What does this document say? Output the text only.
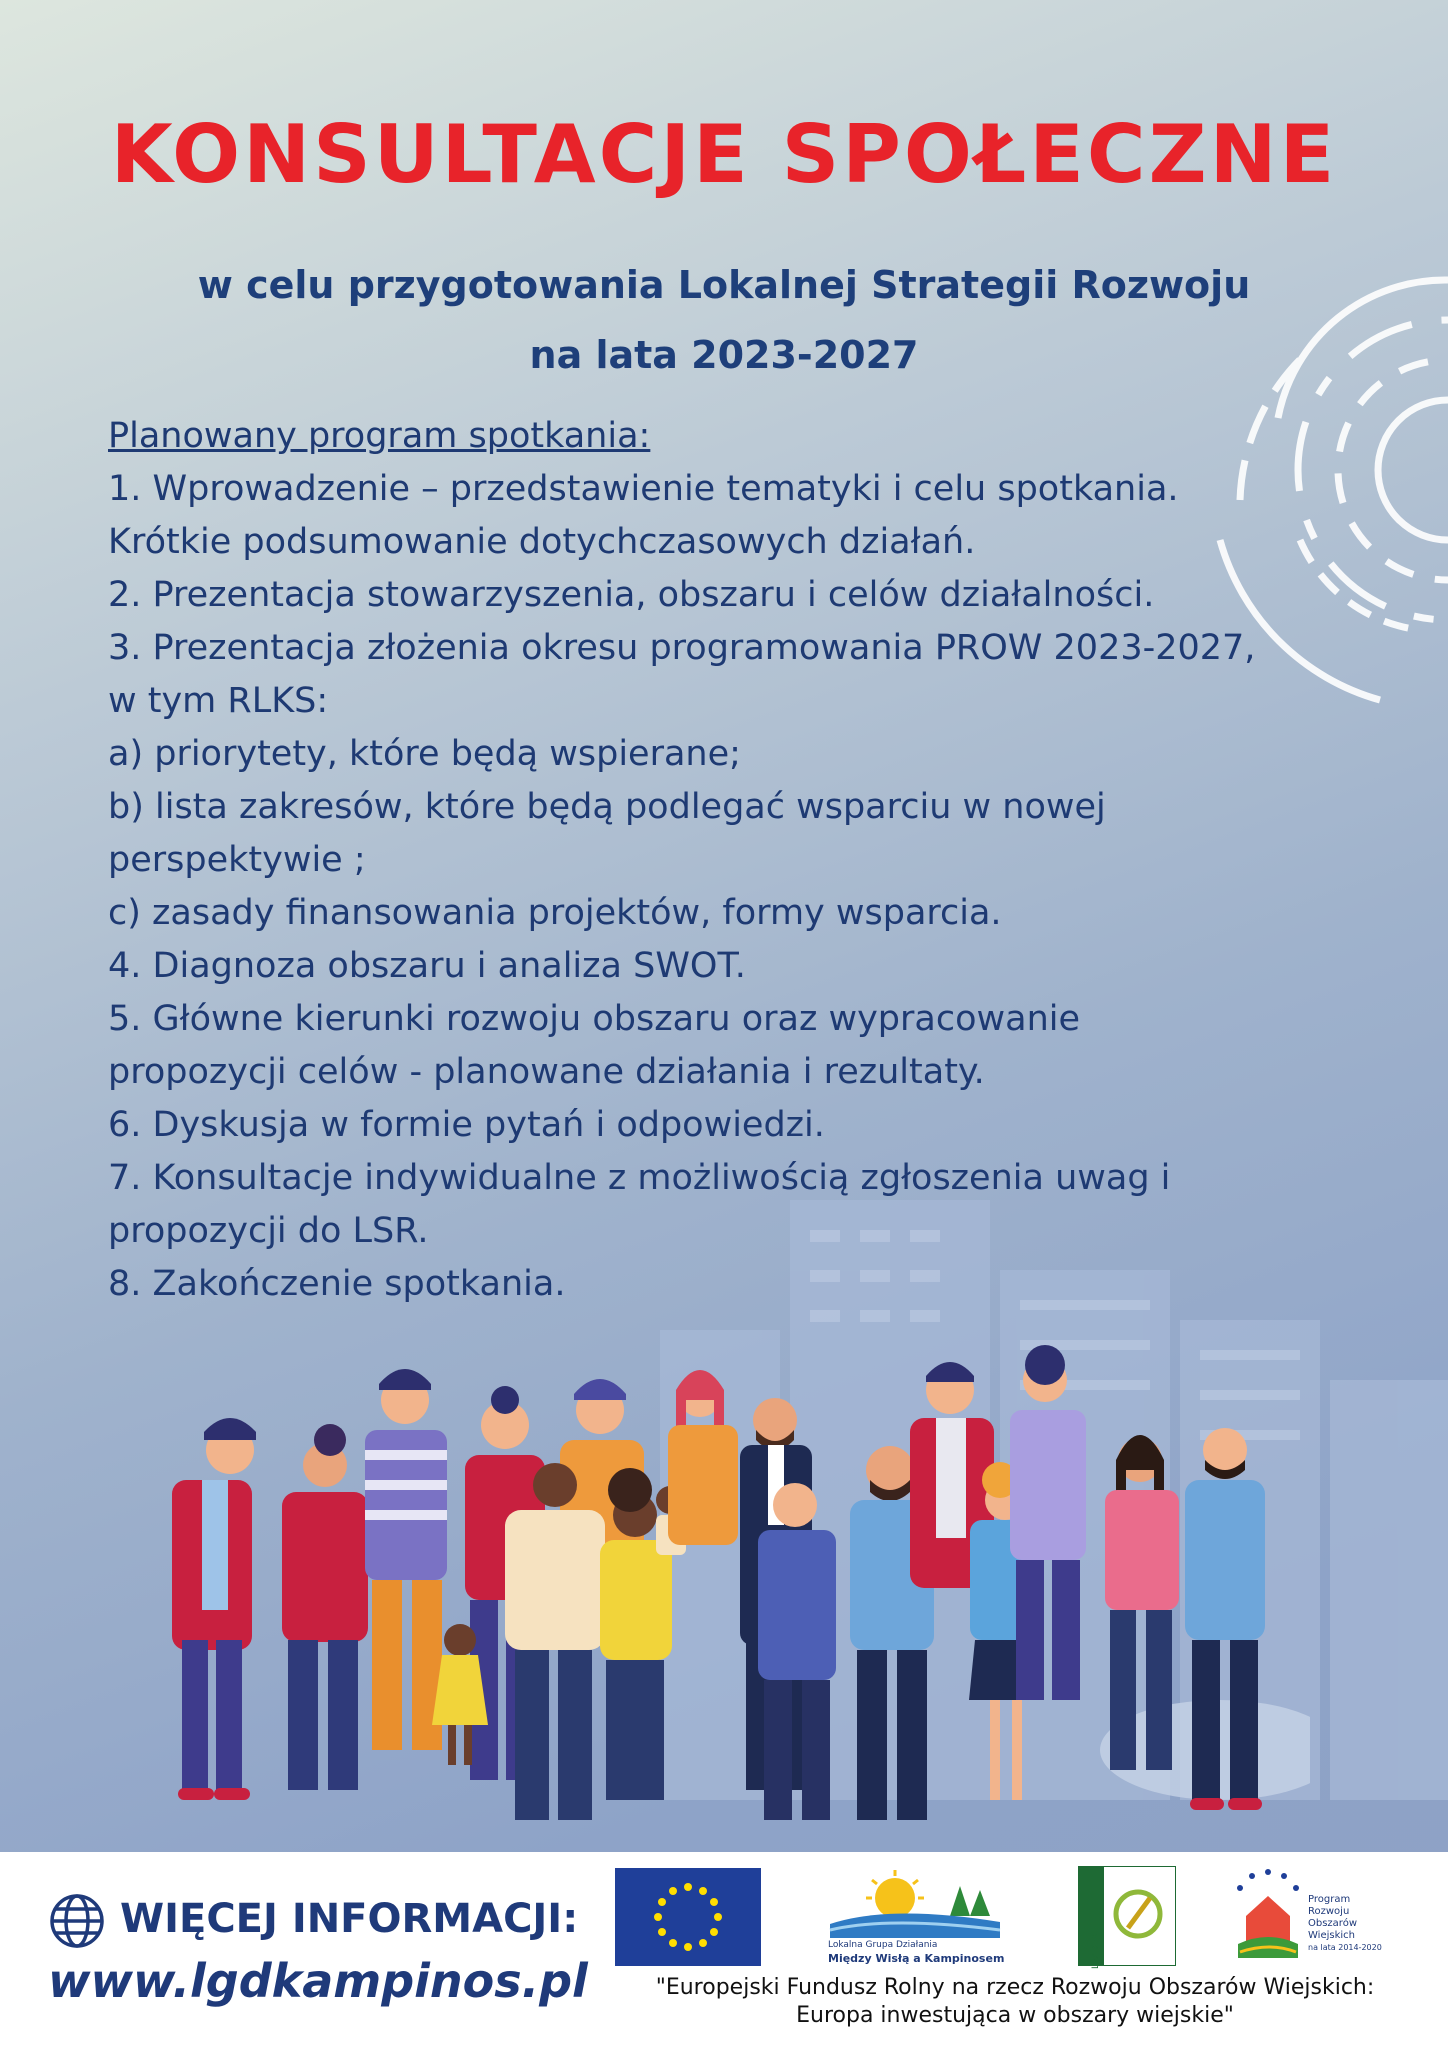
KONSULTACJE SPOŁECZNE
w celu przygotowania Lokalnej Strategii Rozwoju
na lata 2023-2027
Planowany program spotkania:
1. Wprowadzenie – przedstawienie tematyki i celu spotkania.
Krótkie podsumowanie dotychczasowych działań.
2. Prezentacja stowarzyszenia, obszaru i celów działalności.
3. Prezentacja złożenia okresu programowania PROW 2023-2027,
w tym RLKS:
a) priorytety, które będą wspierane;
b) lista zakresów, które będą podlegać wsparciu w nowej
perspektywie ;
c) zasady finansowania projektów, formy wsparcia.
4. Diagnoza obszaru i analiza SWOT.
5. Główne kierunki rozwoju obszaru oraz wypracowanie
propozycji celów - planowane działania i rezultaty.
6. Dyskusja w formie pytań i odpowiedzi.
7. Konsultacje indywidualne z możliwością zgłoszenia uwag i
propozycji do LSR.
8. Zakończenie spotkania.
WIĘCEJ INFORMACJI:
www.lgdkampinos.pl
Lokalna Grupa Działania
Między Wisłą a Kampinosem	LEADER
Program
Rozwoju
Obszarów
Wiejskich
na lata 2014-2020
"Europejski Fundusz Rolny na rzecz Rozwoju Obszarów Wiejskich:
Europa inwestująca w obszary wiejskie"
